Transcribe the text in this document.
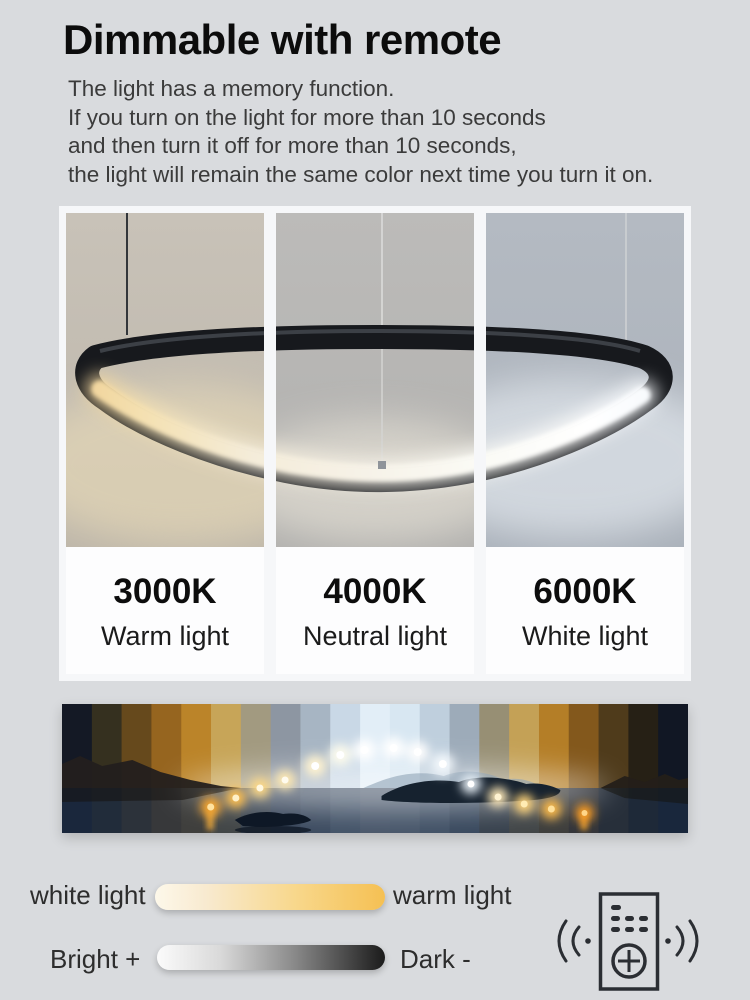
Dimmable with remote
The light has a memory function.
If you turn on the light for more than 10 seconds
and then turn it off for more than 10 seconds,
the light will remain the same color next time you turn it on.
3000K
Warm light
4000K
Neutral light
6000K
White light
white light	warm light
Bright +	Dark -
